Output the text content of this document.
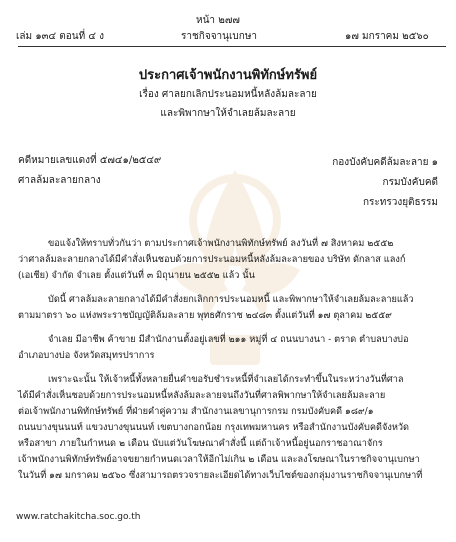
หน้า ๒๗๗
เล่ม ๑๓๔ ตอนที่ ๔ ง	ราชกิจจานุเบกษา	๑๗ มกราคม ๒๕๖๐
ประกาศเจ้าพนักงานพิทักษ์ทรัพย์
เรื่อง ศาลยกเลิกประนอมหนี้หลังล้มละลาย
และพิพากษาให้จำเลยล้มละลาย
คดีหมายเลขแดงที่ ๕๗๔๑/๒๕๔๙	กองบังคับคดีล้มละลาย ๑
ศาลล้มละลายกลาง	กรมบังคับคดี
กระทรวงยุติธรรม
ขอแจ้งให้ทราบทั่วกันว่า ตามประกาศเจ้าพนักงานพิทักษ์ทรัพย์ ลงวันที่ ๗ สิงหาคม ๒๕๕๒
ว่าศาลล้มละลายกลางได้มีคำสั่งเห็นชอบด้วยการประนอมหนี้หลังล้มละลายของ บริษัท ดักลาส แลงก์
(เอเชีย) จำกัด จำเลย ตั้งแต่วันที่ ๓ มิถุนายน ๒๕๕๒ แล้ว นั้น
บัดนี้ ศาลล้มละลายกลางได้มีคำสั่งยกเลิกการประนอมหนี้ และพิพากษาให้จำเลยล้มละลายแล้ว
ตามมาตรา ๖๐ แห่งพระราชบัญญัติล้มละลาย พุทธศักราช ๒๔๘๓ ตั้งแต่วันที่ ๑๗ ตุลาคม ๒๕๕๙
จำเลย มีอาชีพ ค้าขาย มีสำนักงานตั้งอยู่เลขที่ ๒๑๑ หมู่ที่ ๔ ถนนบางนา - ตราด ตำบลบางบ่อ
อำเภอบางบ่อ จังหวัดสมุทรปราการ
เพราะฉะนั้น ให้เจ้าหนี้ทั้งหลายยื่นคำขอรับชำระหนี้ที่จำเลยได้กระทำขึ้นในระหว่างวันที่ศาล
ได้มีคำสั่งเห็นชอบด้วยการประนอมหนี้หลังล้มละลายจนถึงวันที่ศาลพิพากษาให้จำเลยล้มละลาย
ต่อเจ้าพนักงานพิทักษ์ทรัพย์ ที่ฝ่ายคำคู่ความ สำนักงานเลขานุการกรม กรมบังคับคดี ๑๘๙/๑
ถนนบางขุนนนท์ แขวงบางขุนนนท์ เขตบางกอกน้อย กรุงเทพมหานคร หรือสำนักงานบังคับคดีจังหวัด
หรือสาขา ภายในกำหนด ๒ เดือน นับแต่วันโฆษณาคำสั่งนี้ แต่ถ้าเจ้าหนี้อยู่นอกราชอาณาจักร
เจ้าพนักงานพิทักษ์ทรัพย์อาจขยายกำหนดเวลาให้อีกไม่เกิน ๒ เดือน และลงโฆษณาในราชกิจจานุเบกษา
ในวันที่ ๑๗ มกราคม ๒๕๖๐ ซึ่งสามารถตรวจรายละเอียดได้ทางเว็บไซต์ของกลุ่มงานราชกิจจานุเบกษาที่
www.ratchakitcha.soc.go.th
